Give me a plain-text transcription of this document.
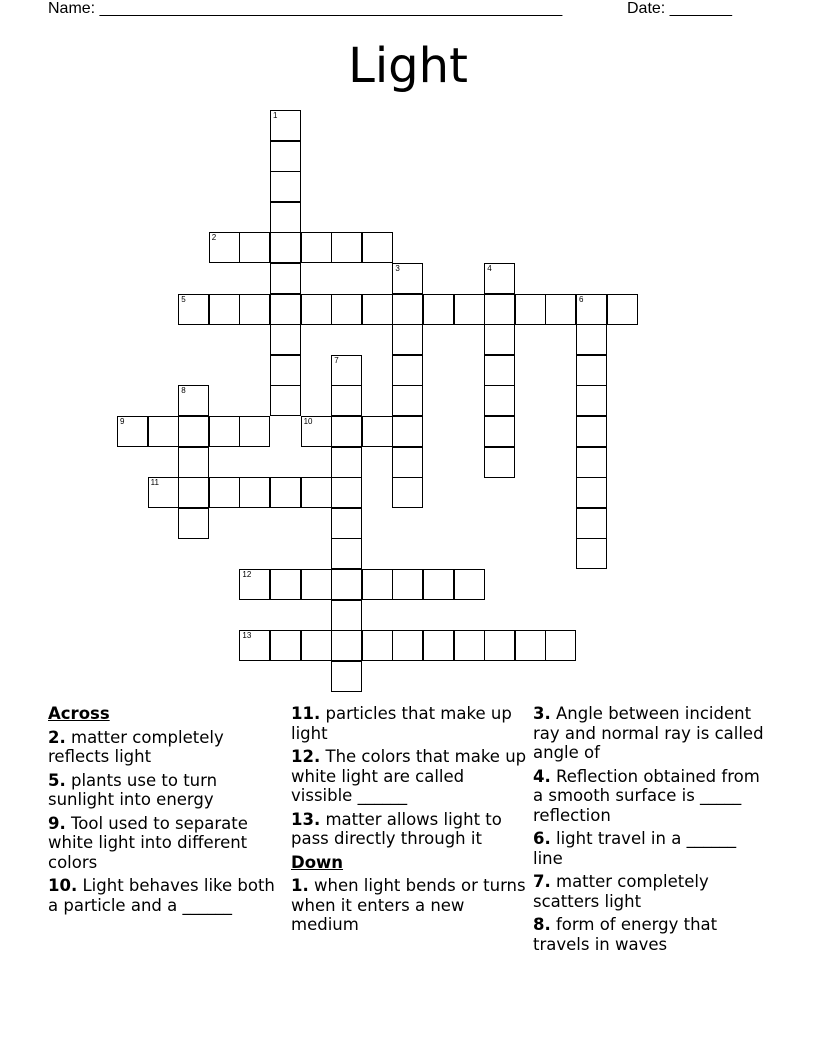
Name: ____________________________________________________	Date: _______
Light
1
2
3	4
5	6
7
8
9	10
11
12
13
Across
2. matter completely reflects light
5. plants use to turn sunlight into energy
9. Tool used to separate white light into different colors
10. Light behaves like both a particle and a ______
11. particles that make up light
12. The colors that make up white light are called vissible ______
13. matter allows light to pass directly through it
Down
1. when light bends or turns when it enters a new medium
3. Angle between incident ray and normal ray is called angle of
4. Reflection obtained from a smooth surface is _____ reflection
6. light travel in a ______ line
7. matter completely scatters light
8. form of energy that travels in waves
